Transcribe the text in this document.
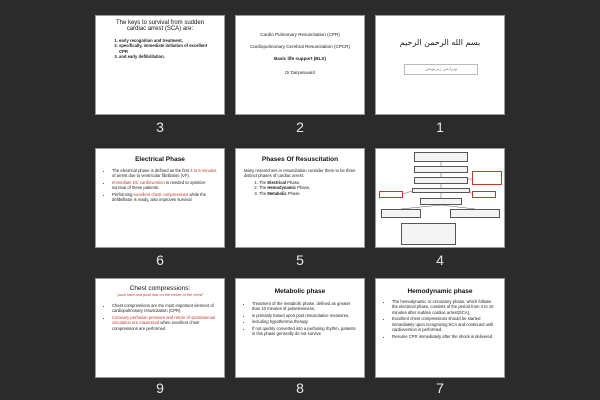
The keys to survival from sudden cardiac arrest (SCA) are:
1. early recognition and treatment,
2. specifically, immediate initiation of excellent CPR
3. and early defibrillation.
3
Cardio Pulmonary Resuscitation (CPR)
Cardiopulmonary Cerebral Resuscitation (CPCR)
Basic life support (BLS)
Dr Daryanavard
2
بسم الله الرحمن الرحیم
ویرایش زیرنویس
1
Electrical Phase
• The electrical phase is defined as the first 4 to 5 minutes of arrest due to ventricular fibrillation (VF).
• Immediate DC cardioversion is needed to optimize survival of these patients.
• Performing excellent chest compressions while the defibrillator is ready, also improves survival
6
Phases Of Resuscitation
Many researchers in resuscitation consider there to be three distinct phases of cardiac arrest:
1. The Electrical Phase,
2. The Hemodynamic Phase,
3. The Metabolic Phase
5	4
Chest compressions:
"push hard and push fast on the center of the chest"
• Chest compressions are the most important element of cardiopulmonary resuscitation (CPR)
• Coronary perfusion pressure and return of spontaneous circulation are maximized when excellent chest compressions are performed
9
Metabolic phase
• Treatment of the metabolic phase, defined as greater than 10 minutes of pulselessness,
• is primarily based upon post resuscitative measures,
• including hypothermia therapy
• If not quickly converted into a perfusing rhythm, patients in this phase generally do not survive
8
Hemodynamic phase
• The hemodynamic or circulatory phase, which follows the electrical phase, consists of the period from 4 to 10 minutes after sudden cardiac arrest(SCA),
• Excellent chest compressions should be started immediately upon recognizing SCA and continued until cardioversion is performed.
• Resume CPR immediately after the shock is delivered.
7
